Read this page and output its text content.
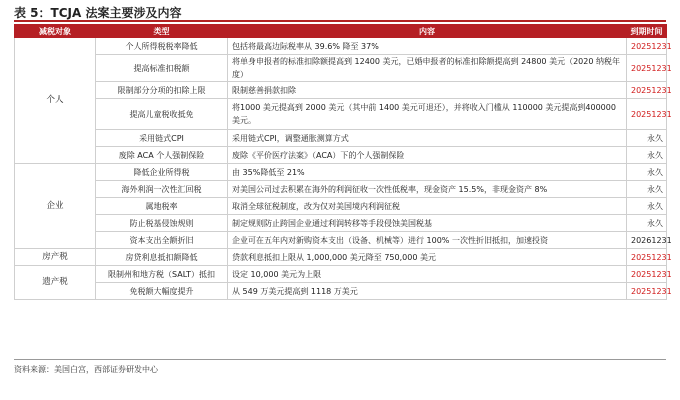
表 5：TCJA 法案主要涉及内容
减税对象	类型	内容	到期时间
个人	个人所得税税率降低	包括将最高边际税率从 39.6% 降至 37%	20251231
	提高标准扣税额	将单身申报者的标准扣除额提高到 12400 美元，已婚申报者的标准扣除额提高到 24800 美元（2020 纳税年度）	20251231
	限制部分分项的扣除上限	限制慈善捐款扣除	20251231
	提高儿童税收抵免	将1000 美元提高到 2000 美元（其中前 1400 美元可退还），并将收入门槛从 110000 美元提高到400000 美元。	20251231
	采用链式CPI	采用链式CPI，调整通胀测算方式	永久
	废除 ACA 个人强制保险	废除《平价医疗法案》（ACA）下的个人强制保险	永久
企业	降低企业所得税	由 35%降低至 21%	永久
	海外利润一次性汇回税	对美国公司过去积累在海外的利润征收一次性低税率，现金资产 15.5%，非现金资产 8%	永久
	属地税率	取消全球征税制度，改为仅对美国境内利润征税	永久
	防止税基侵蚀规则	制定规则防止跨国企业通过利润转移等手段侵蚀美国税基	永久
	资本支出全额折旧	企业可在五年内对新购资本支出（设备、机械等）进行 100% 一次性折旧抵扣，加速投资	20261231
房产税	房贷利息抵扣额降低	贷款利息抵扣上限从 1,000,000 美元降至 750,000 美元	20251231
遗产税	限制州和地方税（SALT）抵扣	设定 10,000 美元为上限	20251231
	免税额大幅度提升	从 549 万美元提高到 1118 万美元	20251231
资料来源：美国白宫，西部证券研发中心
